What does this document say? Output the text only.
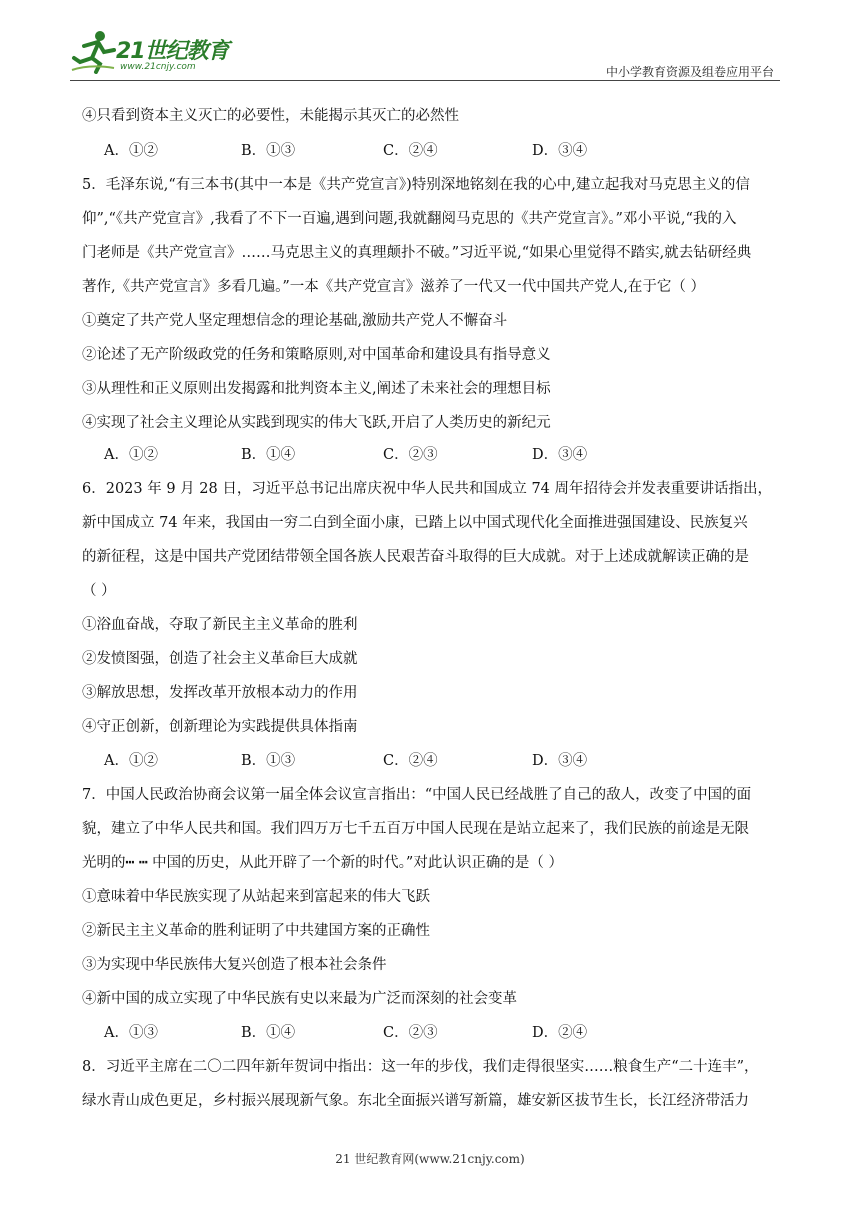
21世纪教育
www.21cnjy.com	中小学教育资源及组卷应用平台
④只看到资本主义灭亡的必要性，未能揭示其灭亡的必然性
A．①②	B．①③	C．②④	D．③④
5．毛泽东说,“有三本书(其中一本是《共产党宣言》)特别深地铭刻在我的心中,建立起我对马克思主义的信
仰”,“《共产党宣言》,我看了不下一百遍,遇到问题,我就翻阅马克思的《共产党宣言》。”邓小平说,“我的入
门老师是《共产党宣言》……马克思主义的真理颠扑不破。”习近平说,“如果心里觉得不踏实,就去钻研经典
著作,《共产党宣言》多看几遍。”一本《共产党宣言》滋养了一代又一代中国共产党人,在于它（ ）
①奠定了共产党人坚定理想信念的理论基础,激励共产党人不懈奋斗
②论述了无产阶级政党的任务和策略原则,对中国革命和建设具有指导意义
③从理性和正义原则出发揭露和批判资本主义,阐述了未来社会的理想目标
④实现了社会主义理论从实践到现实的伟大飞跃,开启了人类历史的新纪元
A．①②	B．①④	C．②③	D．③④
6．2023 年 9 月 28 日，习近平总书记出席庆祝中华人民共和国成立 74 周年招待会并发表重要讲话指出，
新中国成立 74 年来，我国由一穷二白到全面小康，已踏上以中国式现代化全面推进强国建设、民族复兴
的新征程，这是中国共产党团结带领全国各族人民艰苦奋斗取得的巨大成就。对于上述成就解读正确的是
（ ）
①浴血奋战，夺取了新民主主义革命的胜利
②发愤图强，创造了社会主义革命巨大成就
③解放思想，发挥改革开放根本动力的作用
④守正创新，创新理论为实践提供具体指南
A．①②	B．①③	C．②④	D．③④
7．中国人民政治协商会议第一届全体会议宣言指出：“中国人民已经战胜了自己的敌人，改变了中国的面
貌，建立了中华人民共和国。我们四万万七千五百万中国人民现在是站立起来了，我们民族的前途是无限
光明的┅ ┅ 中国的历史，从此开辟了一个新的时代。”对此认识正确的是（ ）
①意味着中华民族实现了从站起来到富起来的伟大飞跃
②新民主主义革命的胜利证明了中共建国方案的正确性
③为实现中华民族伟大复兴创造了根本社会条件
④新中国的成立实现了中华民族有史以来最为广泛而深刻的社会变革
A．①③	B．①④	C．②③	D．②④
8．习近平主席在二〇二四年新年贺词中指出：这一年的步伐，我们走得很坚实……粮食生产“二十连丰”，
绿水青山成色更足，乡村振兴展现新气象。东北全面振兴谱写新篇，雄安新区拔节生长，长江经济带活力
21 世纪教育网(www.21cnjy.com)
